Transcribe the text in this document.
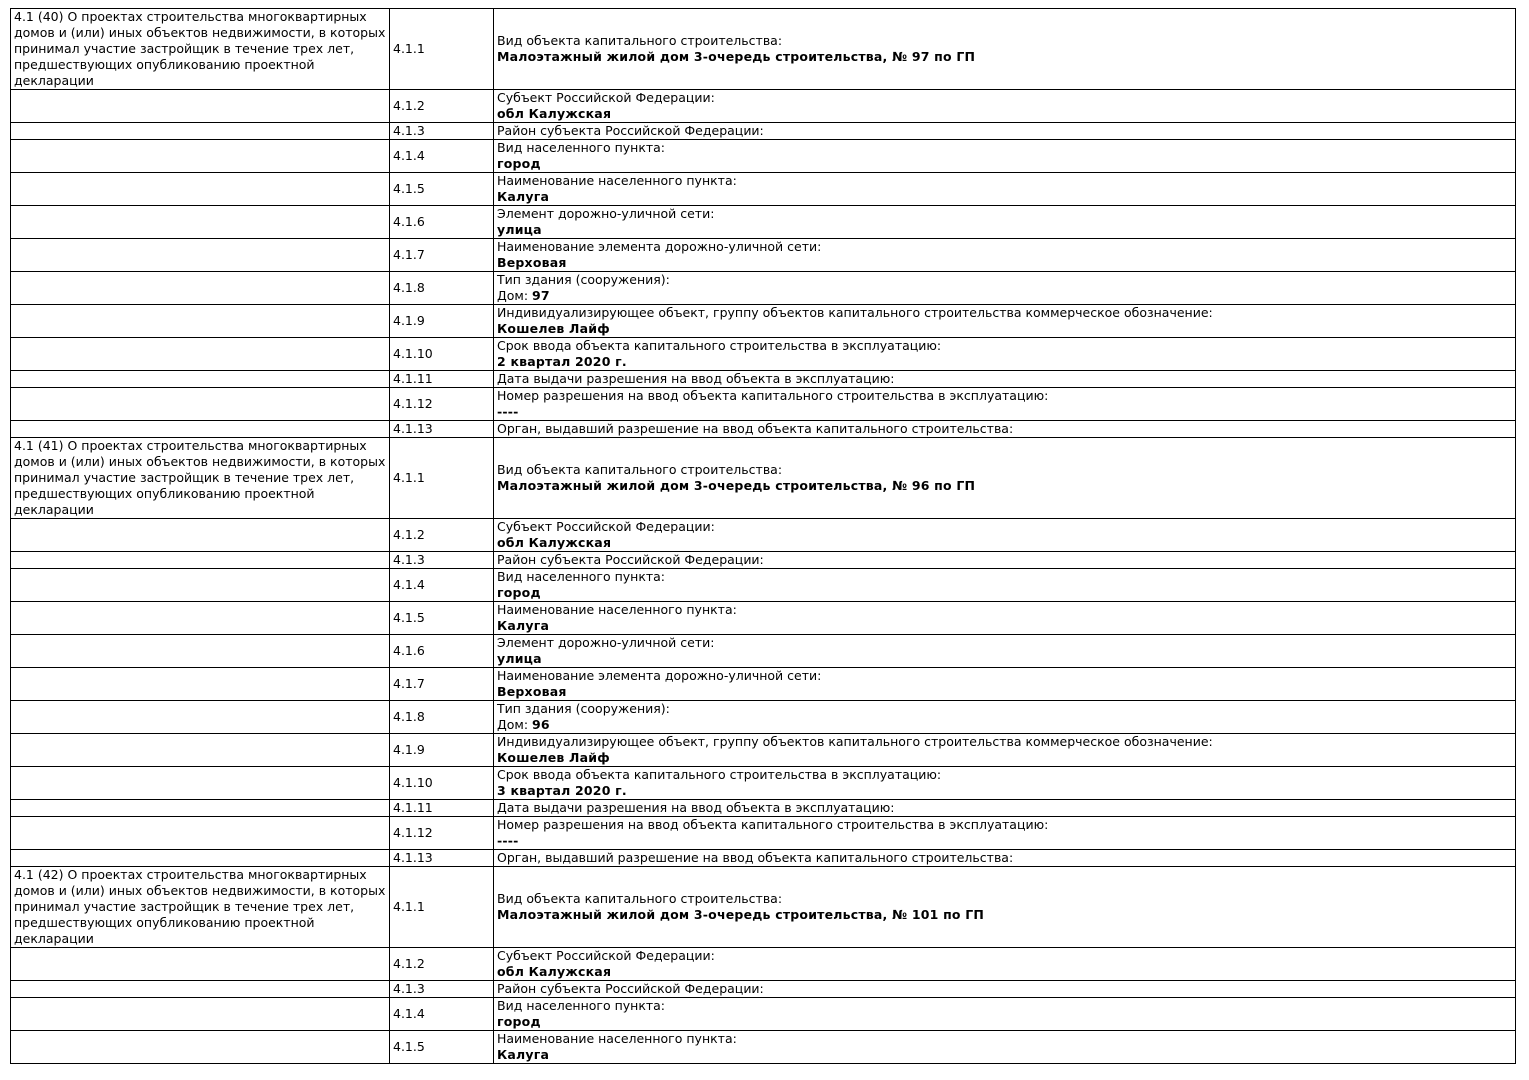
4.1 (40) О проектах строительства многоквартирных домов и (или) иных объектов недвижимости, в которых принимал участие застройщик в течение трех лет, предшествующих опубликованию проектной декларации	4.1.1	Вид объекта капитального строительства:
Малоэтажный жилой дом 3-очередь строительства, № 97 по ГП

	4.1.2	Субъект Российской Федерации:
обл Калужская

	4.1.3	Район субъекта Российской Федерации:

	4.1.4	Вид населенного пункта:
город

	4.1.5	Наименование населенного пункта:
Калуга

	4.1.6	Элемент дорожно-уличной сети:
улица

	4.1.7	Наименование элемента дорожно-уличной сети:
Верховая

	4.1.8	Тип здания (сооружения):
Дом: 97

	4.1.9	Индивидуализирующее объект, группу объектов капитального строительства коммерческое обозначение:
Кошелев Лайф

	4.1.10	Срок ввода объекта капитального строительства в эксплуатацию:
2 квартал 2020 г.

	4.1.11	Дата выдачи разрешения на ввод объекта в эксплуатацию:

	4.1.12	Номер разрешения на ввод объекта капитального строительства в эксплуатацию:
----

	4.1.13	Орган, выдавший разрешение на ввод объекта капитального строительства:

4.1 (41) О проектах строительства многоквартирных домов и (или) иных объектов недвижимости, в которых принимал участие застройщик в течение трех лет, предшествующих опубликованию проектной декларации	4.1.1	Вид объекта капитального строительства:
Малоэтажный жилой дом 3-очередь строительства, № 96 по ГП

	4.1.2	Субъект Российской Федерации:
обл Калужская

	4.1.3	Район субъекта Российской Федерации:

	4.1.4	Вид населенного пункта:
город

	4.1.5	Наименование населенного пункта:
Калуга

	4.1.6	Элемент дорожно-уличной сети:
улица

	4.1.7	Наименование элемента дорожно-уличной сети:
Верховая

	4.1.8	Тип здания (сооружения):
Дом: 96

	4.1.9	Индивидуализирующее объект, группу объектов капитального строительства коммерческое обозначение:
Кошелев Лайф

	4.1.10	Срок ввода объекта капитального строительства в эксплуатацию:
3 квартал 2020 г.

	4.1.11	Дата выдачи разрешения на ввод объекта в эксплуатацию:

	4.1.12	Номер разрешения на ввод объекта капитального строительства в эксплуатацию:
----

	4.1.13	Орган, выдавший разрешение на ввод объекта капитального строительства:

4.1 (42) О проектах строительства многоквартирных домов и (или) иных объектов недвижимости, в которых принимал участие застройщик в течение трех лет, предшествующих опубликованию проектной декларации	4.1.1	Вид объекта капитального строительства:
Малоэтажный жилой дом 3-очередь строительства, № 101 по ГП

	4.1.2	Субъект Российской Федерации:
обл Калужская

	4.1.3	Район субъекта Российской Федерации:

	4.1.4	Вид населенного пункта:
город

	4.1.5	Наименование населенного пункта:
Калуга
